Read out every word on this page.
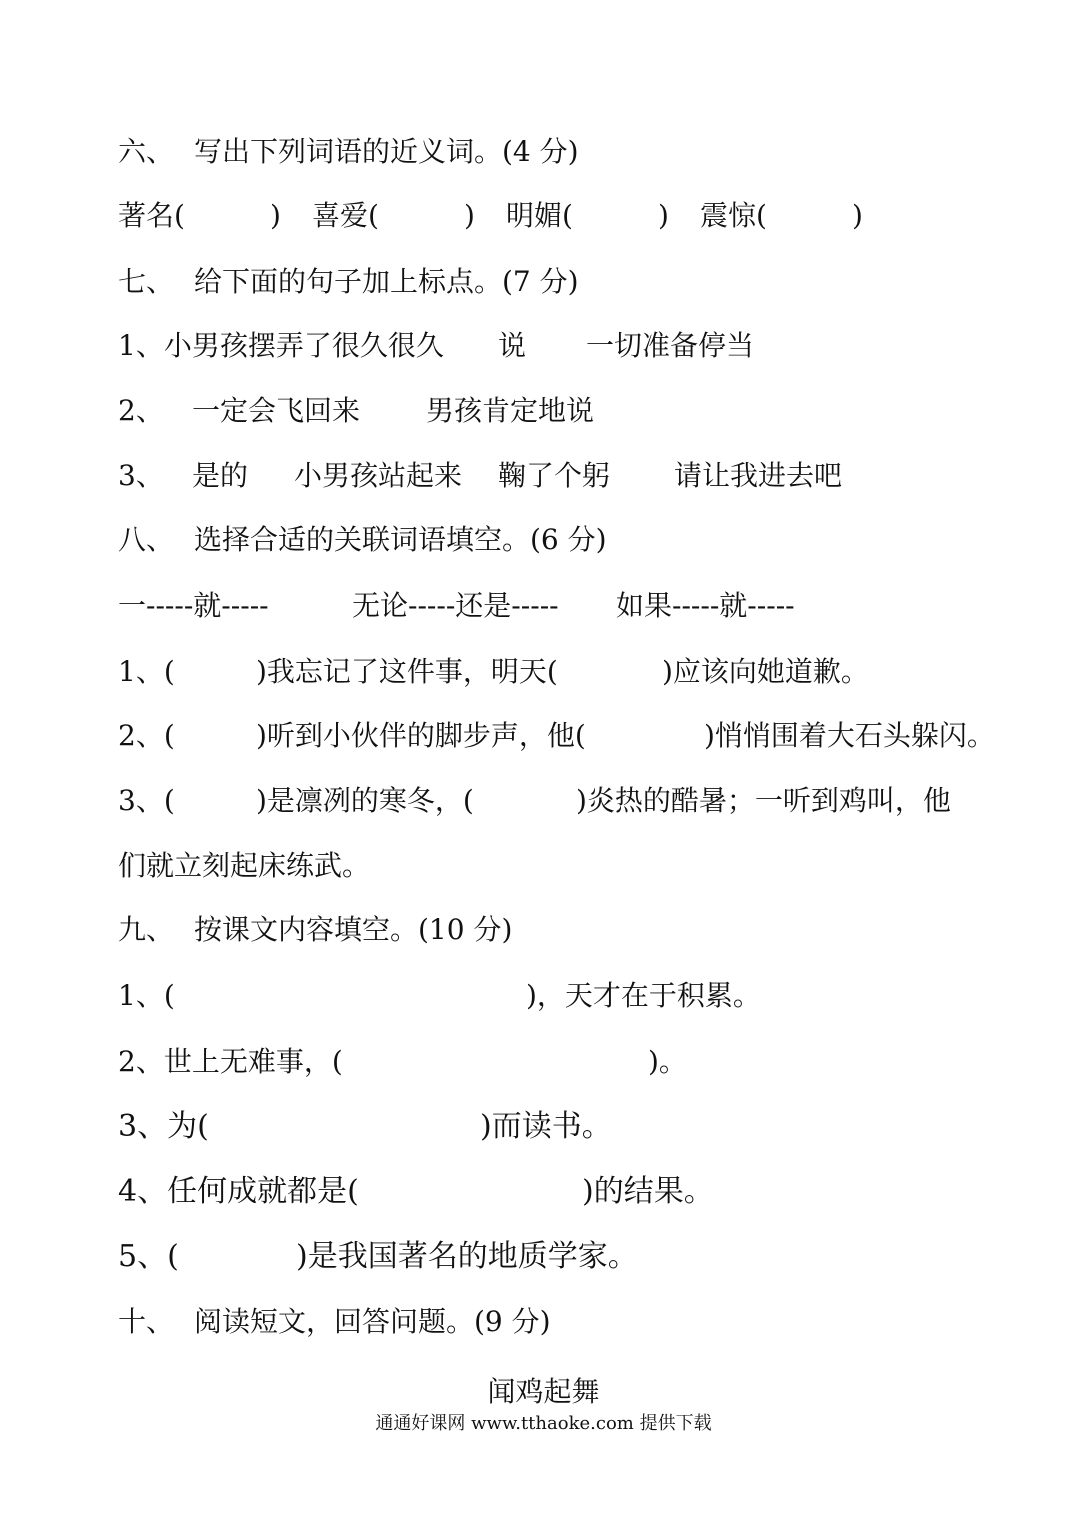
六、

写出下列词语的近义词。(4 分)

著名(

	)

喜爱(

	)

明媚(

	)

震惊(

	)

七、

给下面的句子加上标点。(7 分)

1、小男孩摆弄了很久很久

说

一切准备停当

2、

一定会飞回来

男孩肯定地说

3、

是的

小男孩站起来

鞠了个躬

请让我进去吧

八、

选择合适的关联词语填空。(6 分)

一-----就-----

	无论-----还是-----

如果-----就-----

1、(

	)我忘记了这件事，明天(

	)应该向她道歉。

2、(

	)听到小伙伴的脚步声，他(

	)悄悄围着大石头躲闪。

3、(

	)是凛冽的寒冬，(

	)炎热的酷暑；一听到鸡叫，他

们就立刻起床练武。

九、

按课文内容填空。(10 分)

1、(

	)，天才在于积累。

2、世上无难事，(

	)。

3、为(

	)而读书。

4、任何成就都是(

	)的结果。

5、(

	)是我国著名的地质学家。

十、

阅读短文，回答问题。(9 分)

闻鸡起舞
通通好课网 www.tthaoke.com 提供下载
